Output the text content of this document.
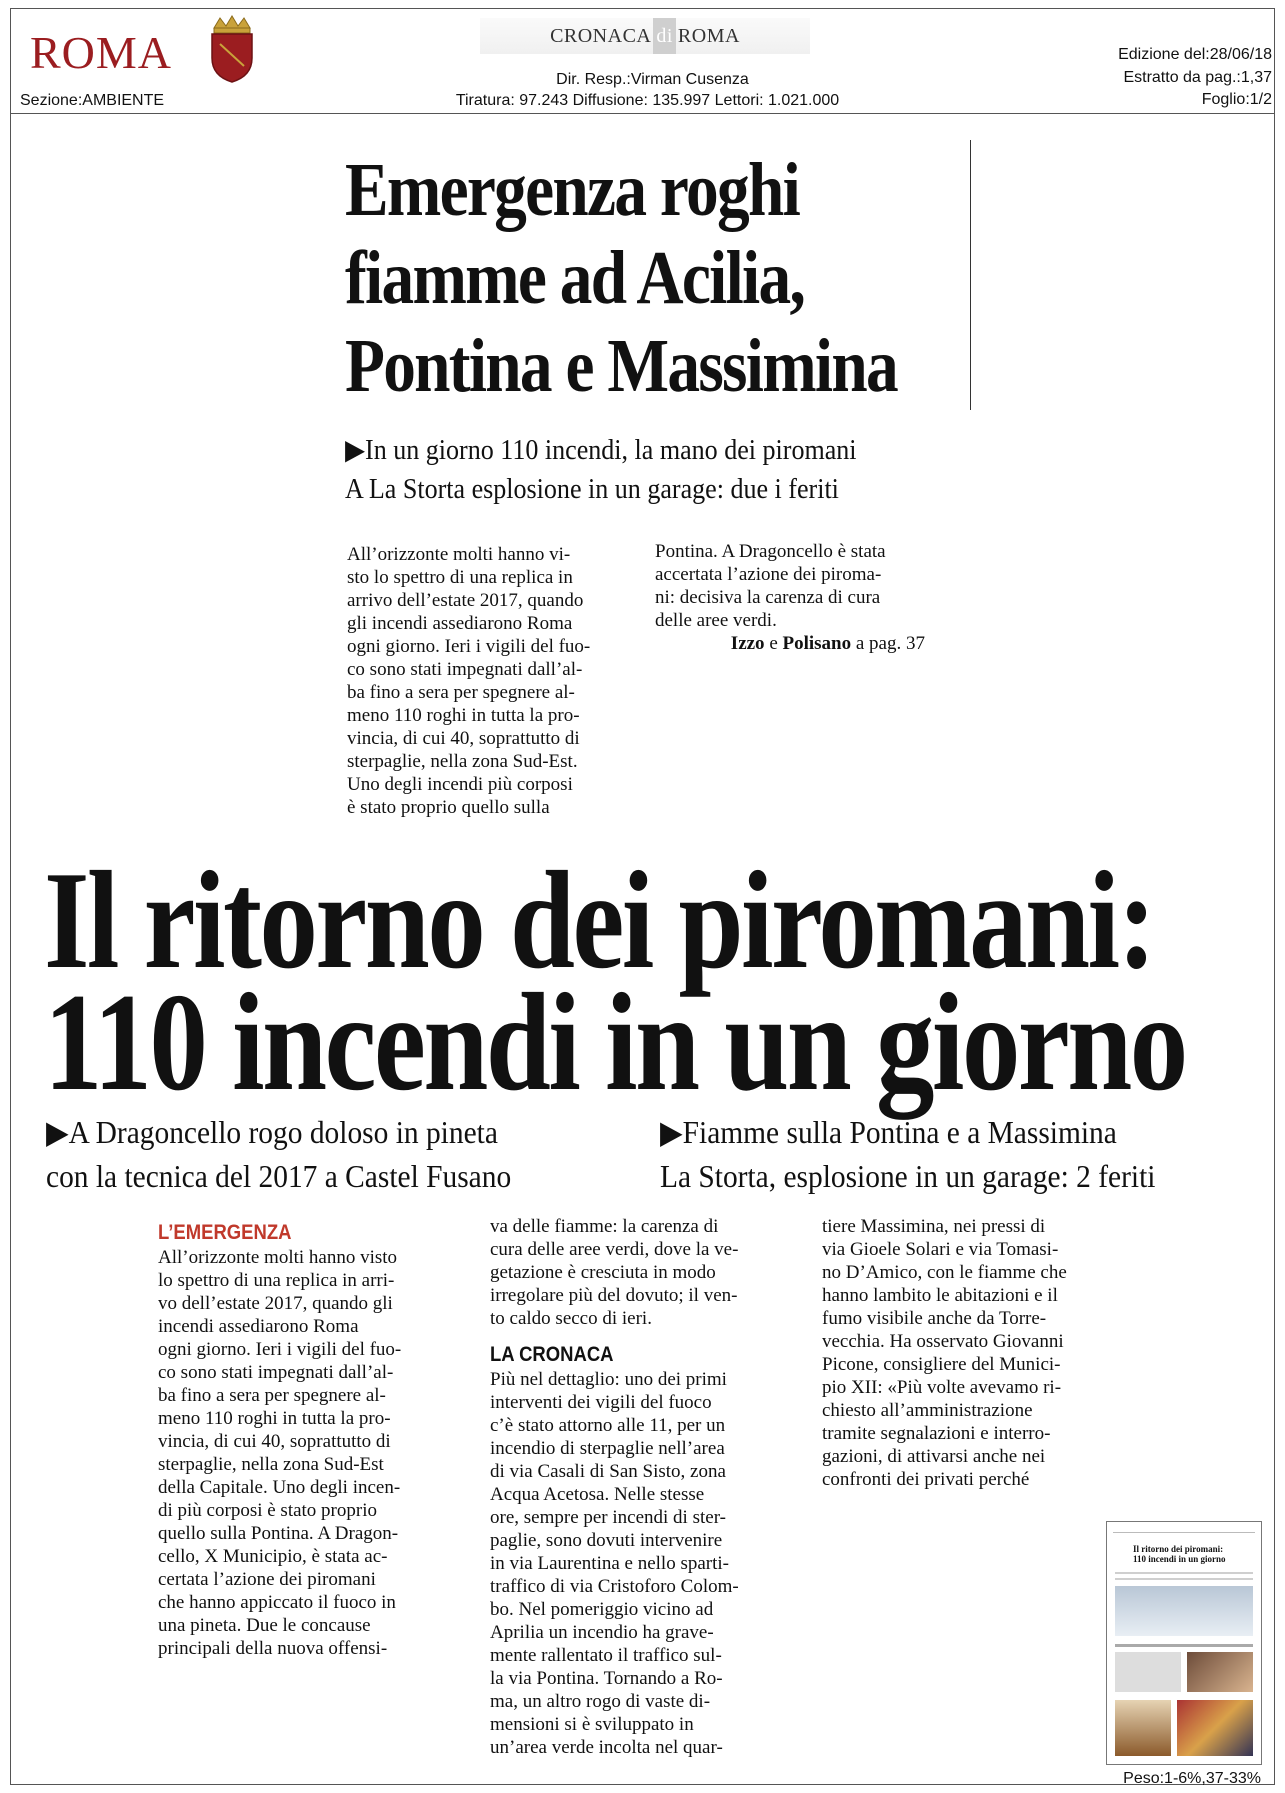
ROMA
Sezione:AMBIENTE
CRONACA di ROMA
Dir. Resp.:Virman Cusenza
Tiratura: 97.243 Diffusione: 135.997 Lettori: 1.021.000
Edizione del:28/06/18
Estratto da pag.:1,37
Foglio:1/2
Emergenza roghi
fiamme ad Acilia,
Pontina e Massimina
▶In un giorno 110 incendi, la mano dei piromani
A La Storta esplosione in un garage: due i feriti
All’orizzonte molti hanno vi-
sto lo spettro di una replica in
arrivo dell’estate 2017, quando
gli incendi assediarono Roma
ogni giorno. Ieri i vigili del fuo-
co sono stati impegnati dall’al-
ba fino a sera per spegnere al-
meno 110 roghi in tutta la pro-
vincia, di cui 40, soprattutto di
sterpaglie, nella zona Sud-Est.
Uno degli incendi più corposi
è stato proprio quello sulla
Pontina. A Dragoncello è stata
accertata l’azione dei piroma-
ni: decisiva la carenza di cura
delle aree verdi.
Izzo e Polisano a pag. 37
Il ritorno dei piromani:
110 incendi in un giorno
▶A Dragoncello rogo doloso in pineta
con la tecnica del 2017 a Castel Fusano
▶Fiamme sulla Pontina e a Massimina
La Storta, esplosione in un garage: 2 feriti
L’EMERGENZA
All’orizzonte molti hanno visto
lo spettro di una replica in arri-
vo dell’estate 2017, quando gli
incendi assediarono Roma
ogni giorno. Ieri i vigili del fuo-
co sono stati impegnati dall’al-
ba fino a sera per spegnere al-
meno 110 roghi in tutta la pro-
vincia, di cui 40, soprattutto di
sterpaglie, nella zona Sud-Est
della Capitale. Uno degli incen-
di più corposi è stato proprio
quello sulla Pontina. A Dragon-
cello, X Municipio, è stata ac-
certata l’azione dei piromani
che hanno appiccato il fuoco in
una pineta. Due le concause
principali della nuova offensi-
va delle fiamme: la carenza di
cura delle aree verdi, dove la ve-
getazione è cresciuta in modo
irregolare più del dovuto; il ven-
to caldo secco di ieri.
LA CRONACA
Più nel dettaglio: uno dei primi
interventi dei vigili del fuoco
c’è stato attorno alle 11, per un
incendio di sterpaglie nell’area
di via Casali di San Sisto, zona
Acqua Acetosa. Nelle stesse
ore, sempre per incendi di ster-
paglie, sono dovuti intervenire
in via Laurentina e nello sparti-
traffico di via Cristoforo Colom-
bo. Nel pomeriggio vicino ad
Aprilia un incendio ha grave-
mente rallentato il traffico sul-
la via Pontina. Tornando a Ro-
ma, un altro rogo di vaste di-
mensioni si è sviluppato in
un’area verde incolta nel quar-
tiere Massimina, nei pressi di
via Gioele Solari e via Tomasi-
no D’Amico, con le fiamme che
hanno lambito le abitazioni e il
fumo visibile anche da Torre-
vecchia. Ha osservato Giovanni
Picone, consigliere del Munici-
pio XII: «Più volte avevamo ri-
chiesto all’amministrazione
tramite segnalazioni e interro-
gazioni, di attivarsi anche nei
confronti dei privati perché
Il ritorno dei piromani:
110 incendi in un giorno
Peso:1-6%,37-33%
